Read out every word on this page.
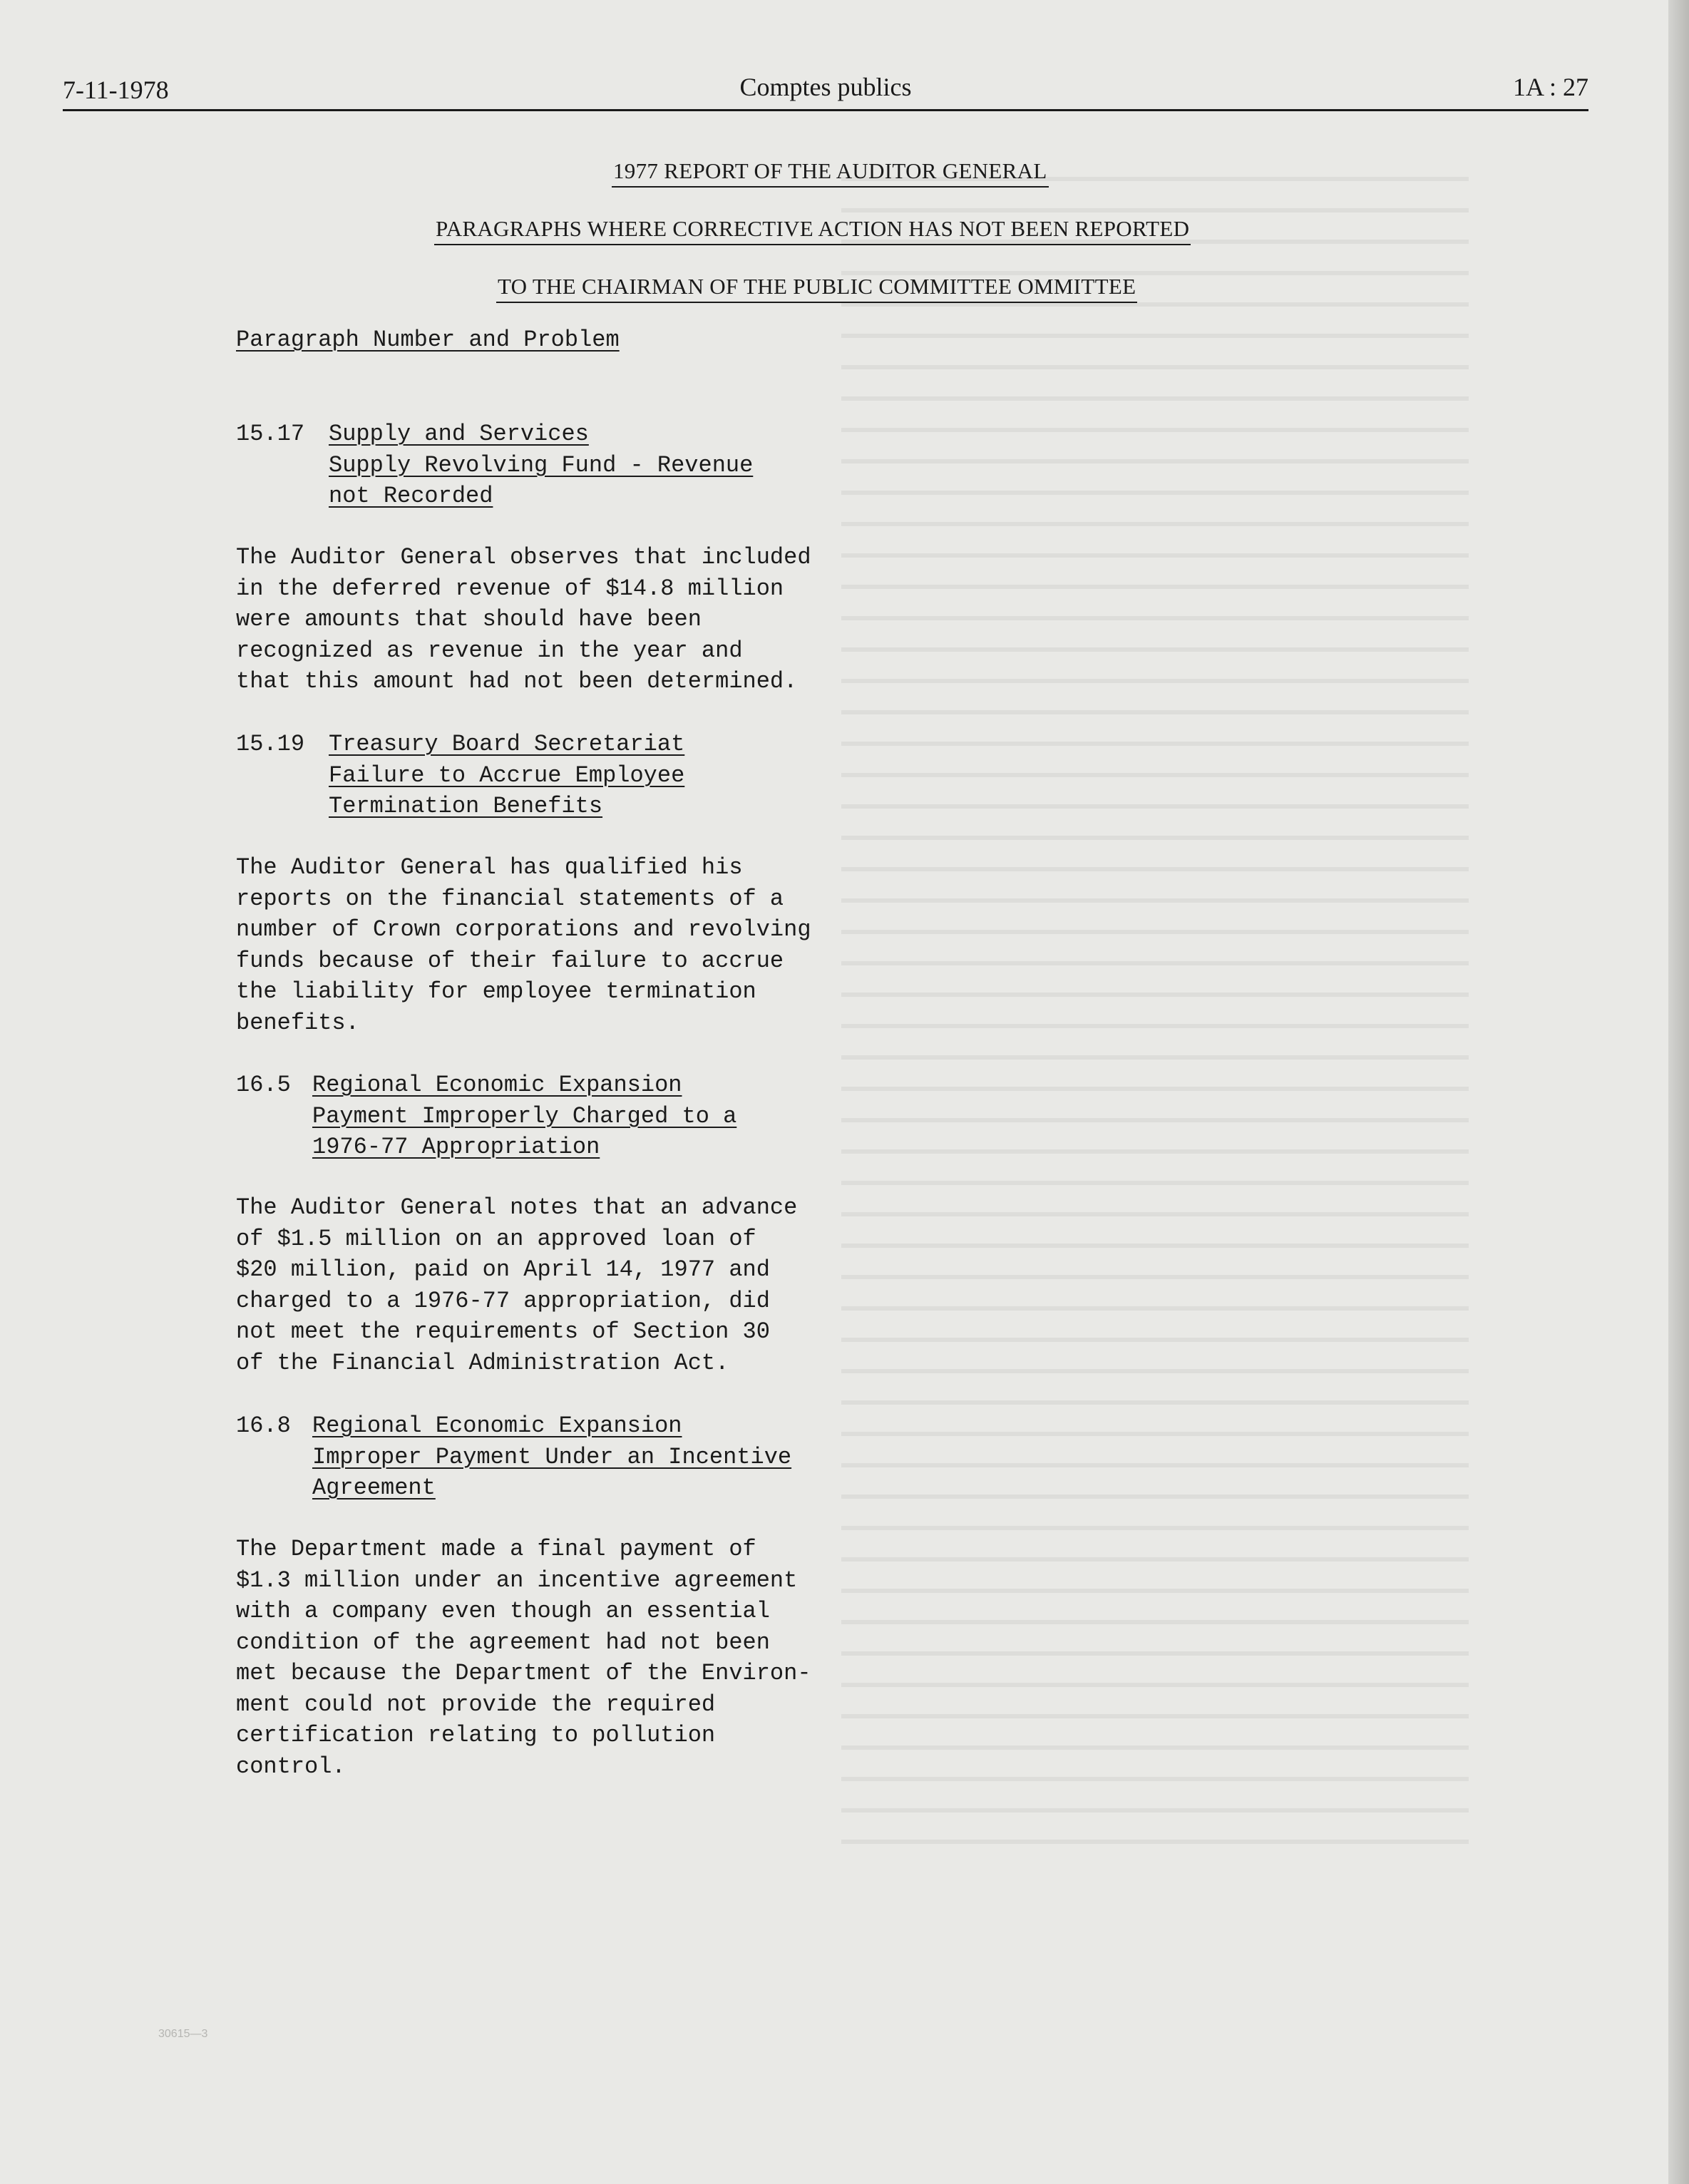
7-11-1978	Comptes publics	1A : 27
1977 REPORT OF THE AUDITOR GENERAL
PARAGRAPHS WHERE CORRECTIVE ACTION HAS NOT BEEN REPORTED
TO THE CHAIRMAN OF THE PUBLIC COMMITTEE OMMITTEE
Paragraph Number and Problem
15.17 Supply and Services
Supply Revolving Fund - Revenue
not Recorded
The Auditor General observes that included
in the deferred revenue of $14.8 million
were amounts that should have been
recognized as revenue in the year and
that this amount had not been determined.
15.19 Treasury Board Secretariat
Failure to Accrue Employee
Termination Benefits
The Auditor General has qualified his
reports on the financial statements of a
number of Crown corporations and revolving
funds because of their failure to accrue
the liability for employee termination
benefits.
16.5 Regional Economic Expansion
Payment Improperly Charged to a
1976-77 Appropriation
The Auditor General notes that an advance
of $1.5 million on an approved loan of
$20 million, paid on April 14, 1977 and
charged to a 1976-77 appropriation, did
not meet the requirements of Section 30
of the Financial Administration Act.
16.8 Regional Economic Expansion
Improper Payment Under an Incentive
Agreement
The Department made a final payment of
$1.3 million under an incentive agreement
with a company even though an essential
condition of the agreement had not been
met because the Department of the Environ-
ment could not provide the required
certification relating to pollution
control.
30615—3
